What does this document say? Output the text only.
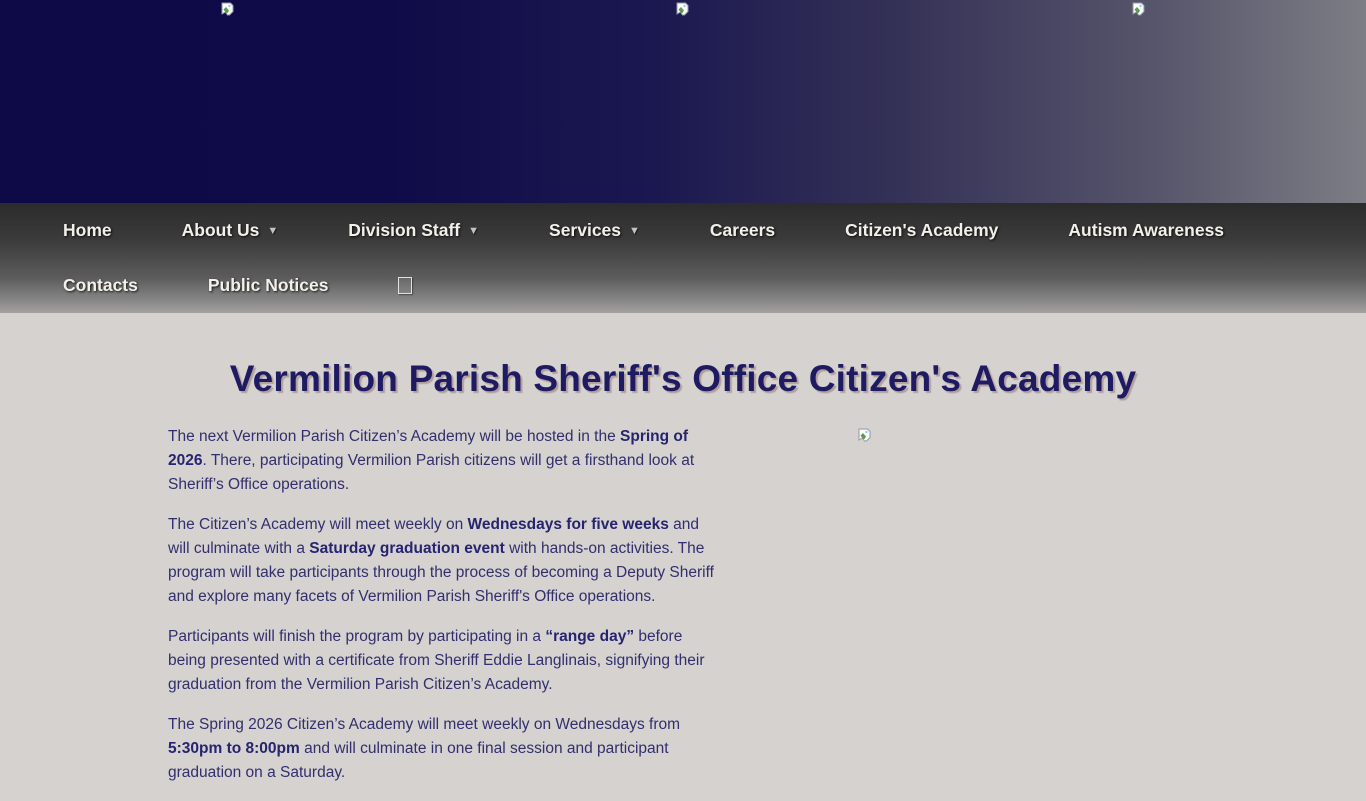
Home	About Us ▼	Division Staff ▼	Services ▼	Careers	Citizen's Academy	Autism Awareness
Contacts	Public Notices
Vermilion Parish Sheriff's Office Citizen's Academy

The next Vermilion Parish Citizen’s Academy will be hosted in the Spring of 2026. There, participating Vermilion Parish citizens will get a firsthand look at Sheriff’s Office operations.

The Citizen’s Academy will meet weekly on Wednesdays for five weeks and will culminate with a Saturday graduation event with hands-on activities. The program will take participants through the process of becoming a Deputy Sheriff and explore many facets of Vermilion Parish Sheriff's Office operations.

Participants will finish the program by participating in a “range day” before being presented with a certificate from Sheriff Eddie Langlinais, signifying their graduation from the Vermilion Parish Citizen’s Academy.

The Spring 2026 Citizen’s Academy will meet weekly on Wednesdays from 5:30pm to 8:00pm and will culminate in one final session and participant graduation on a Saturday.
